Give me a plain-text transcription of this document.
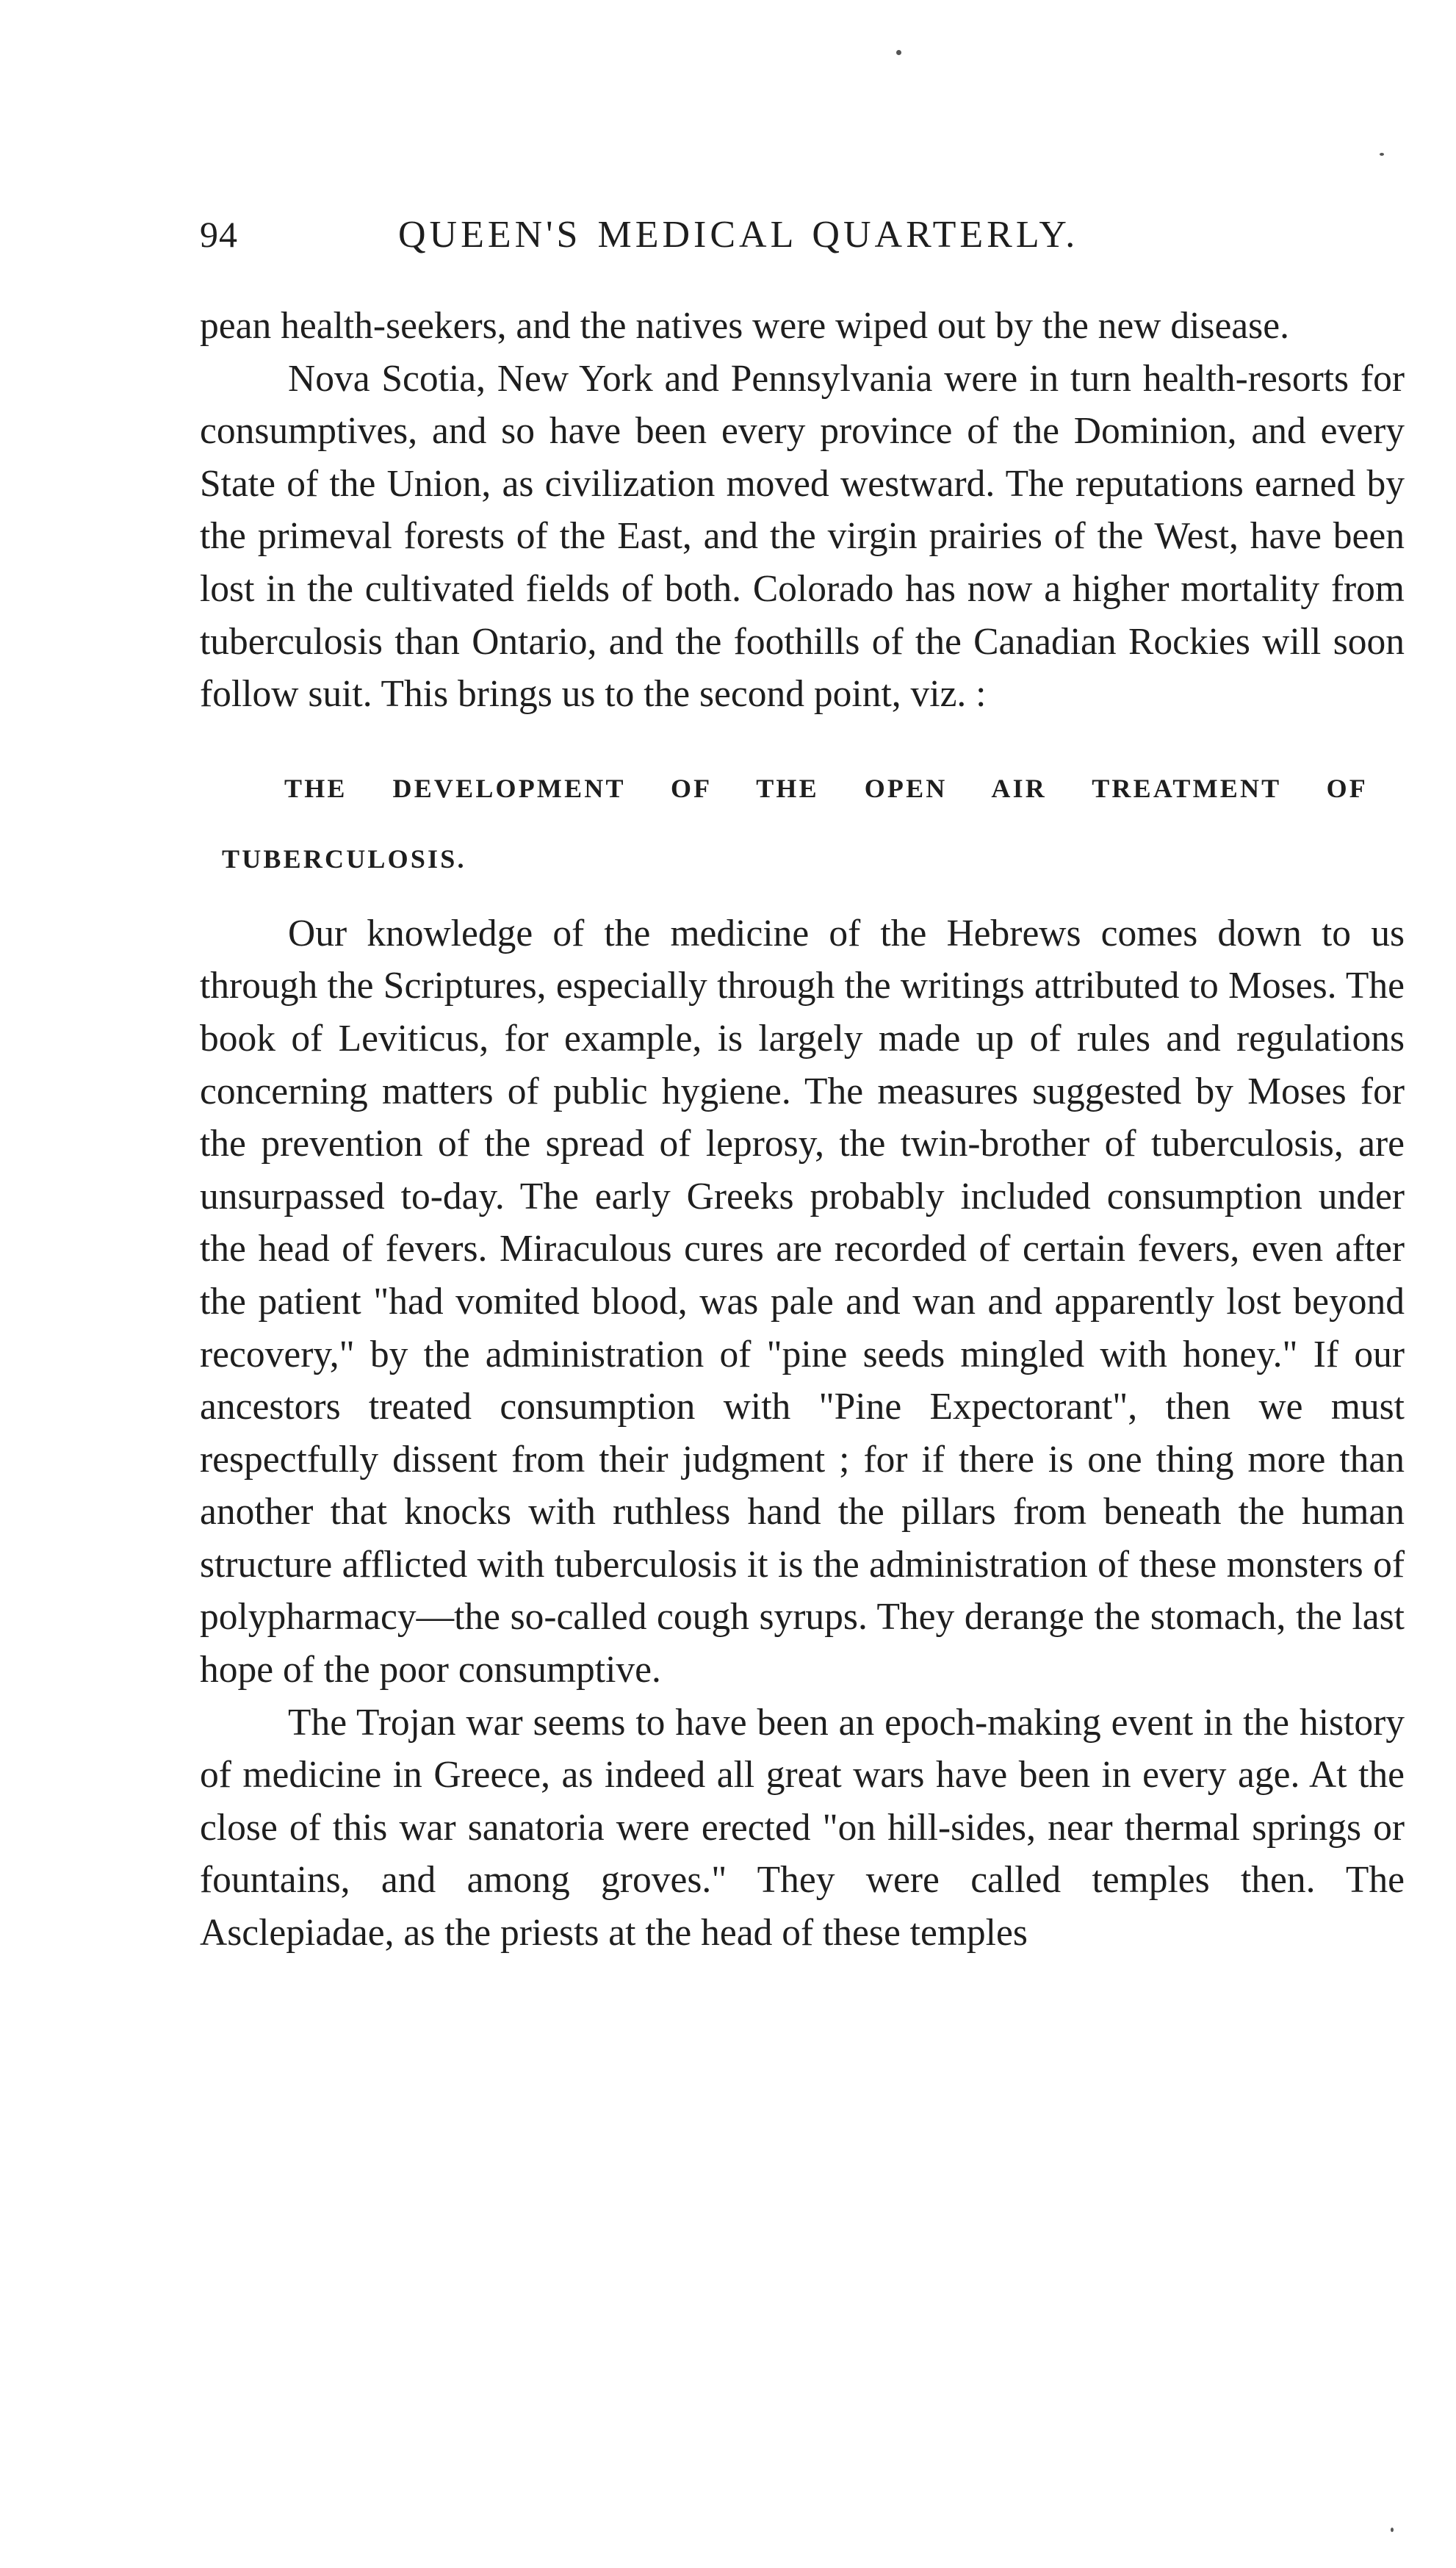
94	QUEEN'S MEDICAL QUARTERLY.

pean health-seekers, and the natives were wiped out by the new disease.

Nova Scotia, New York and Pennsylvania were in turn health-resorts for consumptives, and so have been every province of the Dominion, and every State of the Union, as civilization moved westward. The reputations earned by the primeval forests of the East, and the virgin prairies of the West, have been lost in the cultivated fields of both. Colorado has now a higher mortality from tuberculosis than Ontario, and the foothills of the Canadian Rockies will soon follow suit. This brings us to the second point, viz. :

THE DEVELOPMENT OF THE OPEN AIR TREATMENT OF
TUBERCULOSIS.

Our knowledge of the medicine of the Hebrews comes down to us through the Scriptures, especially through the writings attributed to Moses. The book of Leviticus, for example, is largely made up of rules and regulations concerning matters of public hygiene. The measures suggested by Moses for the prevention of the spread of leprosy, the twin-brother of tuberculosis, are unsurpassed to-day. The early Greeks probably included consumption under the head of fevers. Miraculous cures are recorded of certain fevers, even after the patient "had vomited blood, was pale and wan and apparently lost beyond recovery," by the administration of "pine seeds mingled with honey." If our ancestors treated consumption with "Pine Expectorant", then we must respectfully dissent from their judgment ; for if there is one thing more than another that knocks with ruthless hand the pillars from beneath the human structure afflicted with tuberculosis it is the administration of these monsters of polypharmacy—the so-called cough syrups. They derange the stomach, the last hope of the poor consumptive.

The Trojan war seems to have been an epoch-making event in the history of medicine in Greece, as indeed all great wars have been in every age. At the close of this war sanatoria were erected "on hill-sides, near thermal springs or fountains, and among groves." They were called temples then. The Asclepiadae, as the priests at the head of these temples
